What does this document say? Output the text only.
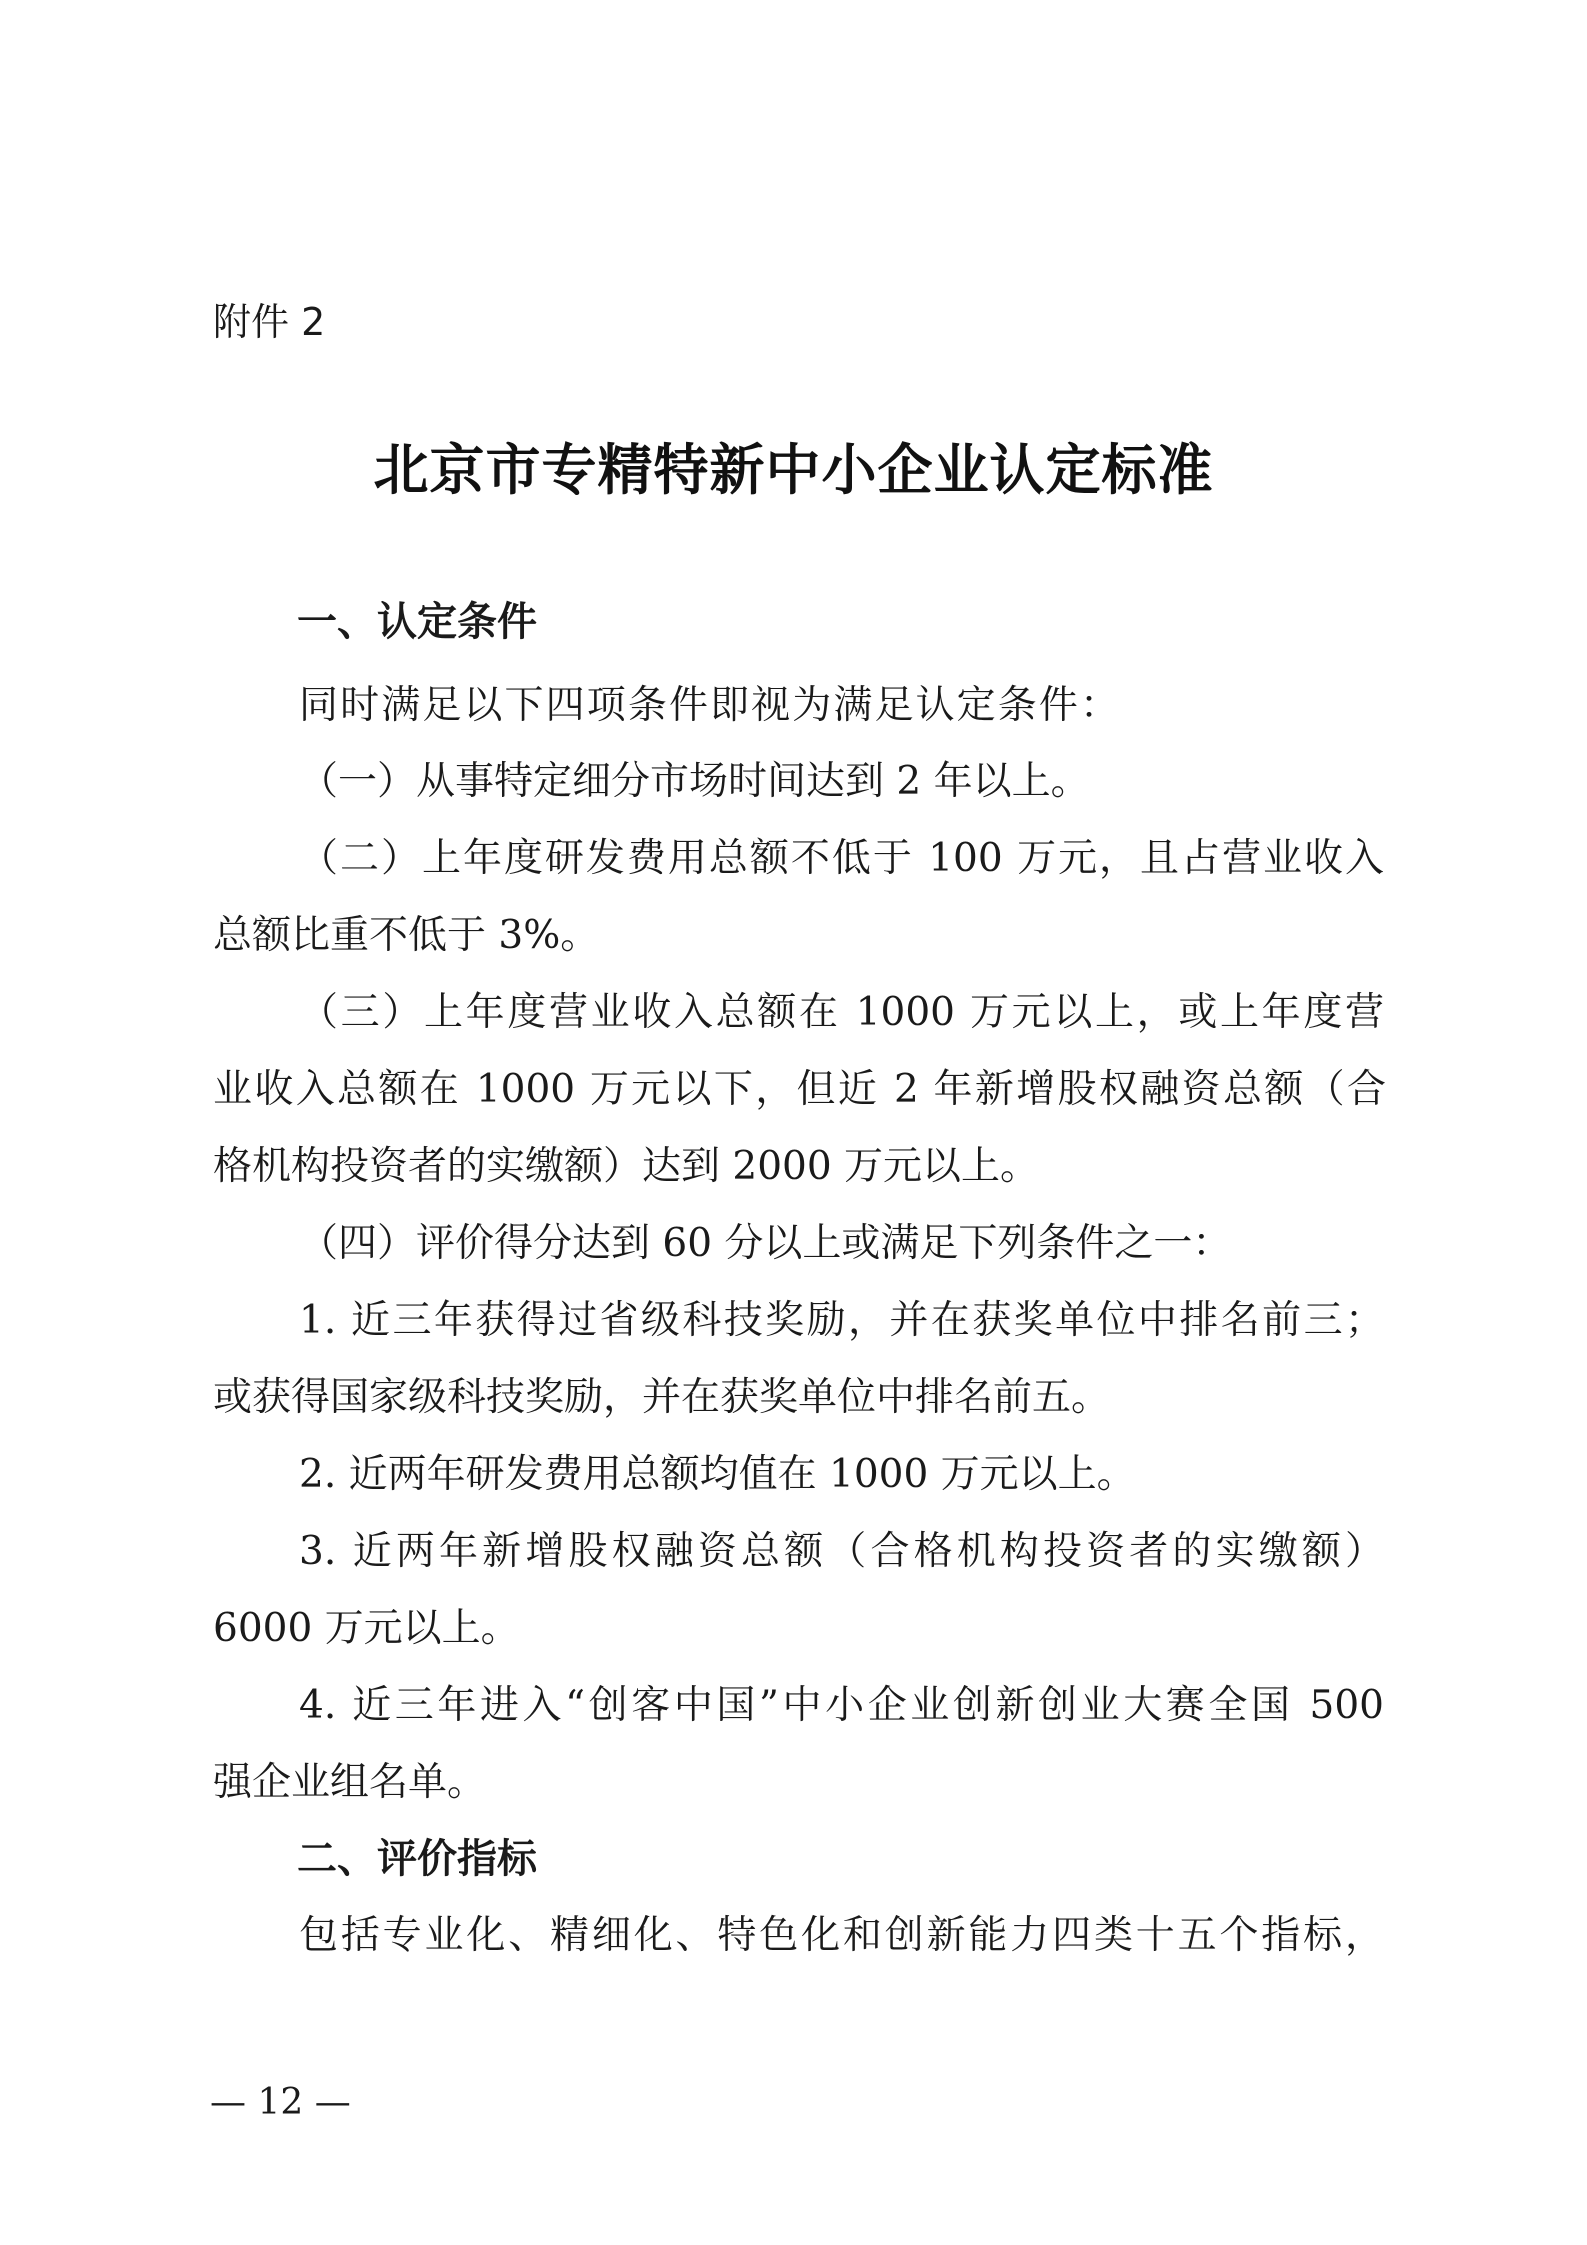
附件 2
北京市专精特新中小企业认定标准
一、认定条件
同时满足以下四项条件即视为满足认定条件：
（一）从事特定细分市场时间达到 2 年以上。
（二）上年度研发费用总额不低于 100 万元，且占营业收入
总额比重不低于 3%。
（三）上年度营业收入总额在 1000 万元以上，或上年度营
业收入总额在 1000 万元以下，但近 2 年新增股权融资总额（合
格机构投资者的实缴额）达到 2000 万元以上。
（四）评价得分达到 60 分以上或满足下列条件之一：
1. 近三年获得过省级科技奖励，并在获奖单位中排名前三；
或获得国家级科技奖励，并在获奖单位中排名前五。
2. 近两年研发费用总额均值在 1000 万元以上。
3. 近两年新增股权融资总额（合格机构投资者的实缴额）
6000 万元以上。
4. 近三年进入“创客中国”中小企业创新创业大赛全国 500
强企业组名单。
二、评价指标
包括专业化、精细化、特色化和创新能力四类十五个指标，
— 12 —
